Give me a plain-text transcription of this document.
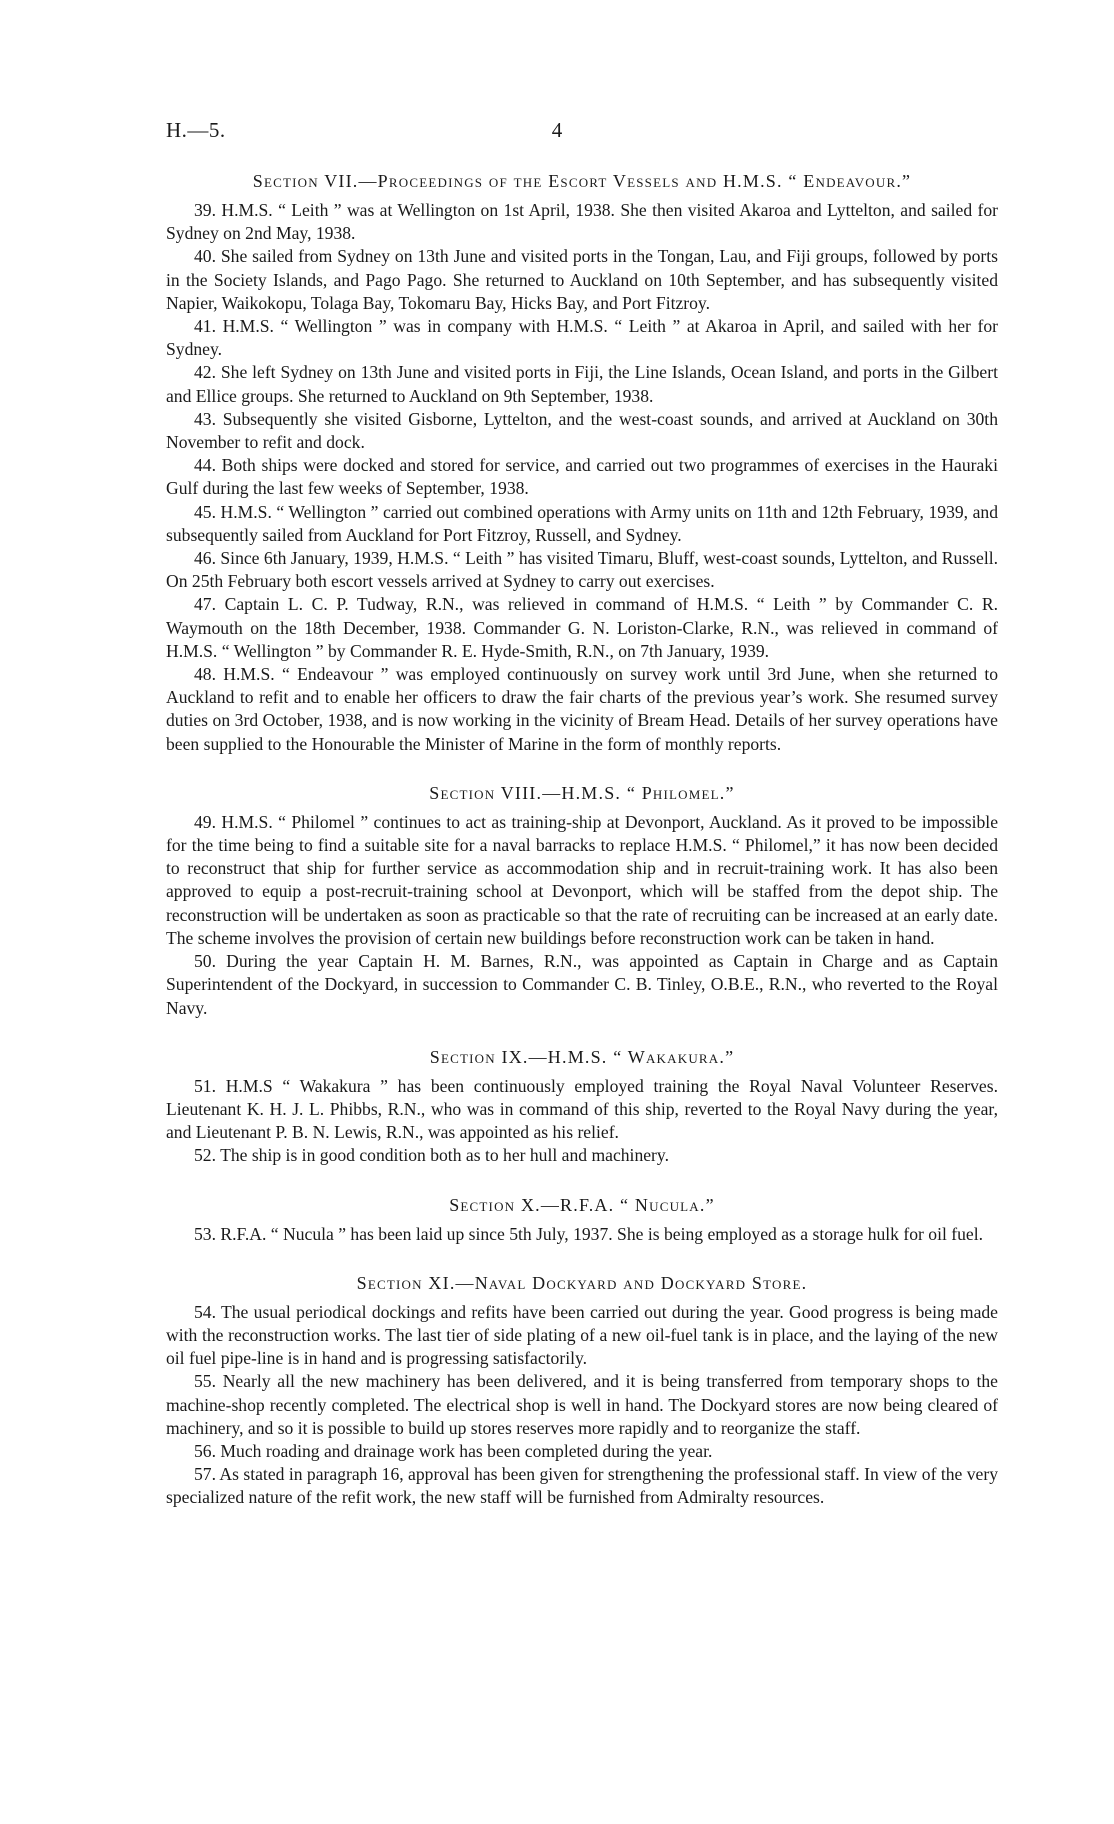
H.—5.	4
Section VII.—Proceedings of the Escort Vessels and H.M.S. “ Endeavour.”

39. H.M.S. “ Leith ” was at Wellington on 1st April, 1938. She then visited Akaroa and Lyttelton, and sailed for Sydney on 2nd May, 1938.

40. She sailed from Sydney on 13th June and visited ports in the Tongan, Lau, and Fiji groups, followed by ports in the Society Islands, and Pago Pago. She returned to Auckland on 10th September, and has subsequently visited Napier, Waikokopu, Tolaga Bay, Tokomaru Bay, Hicks Bay, and Port Fitzroy.

41. H.M.S. “ Wellington ” was in company with H.M.S. “ Leith ” at Akaroa in April, and sailed with her for Sydney.

42. She left Sydney on 13th June and visited ports in Fiji, the Line Islands, Ocean Island, and ports in the Gilbert and Ellice groups. She returned to Auckland on 9th September, 1938.

43. Subsequently she visited Gisborne, Lyttelton, and the west-coast sounds, and arrived at Auckland on 30th November to refit and dock.

44. Both ships were docked and stored for service, and carried out two programmes of exercises in the Hauraki Gulf during the last few weeks of September, 1938.

45. H.M.S. “ Wellington ” carried out combined operations with Army units on 11th and 12th February, 1939, and subsequently sailed from Auckland for Port Fitzroy, Russell, and Sydney.

46. Since 6th January, 1939, H.M.S. “ Leith ” has visited Timaru, Bluff, west-coast sounds, Lyttelton, and Russell. On 25th February both escort vessels arrived at Sydney to carry out exercises.

47. Captain L. C. P. Tudway, R.N., was relieved in command of H.M.S. “ Leith ” by Commander C. R. Waymouth on the 18th December, 1938. Commander G. N. Loriston-Clarke, R.N., was relieved in command of H.M.S. “ Wellington ” by Commander R. E. Hyde-Smith, R.N., on 7th January, 1939.

48. H.M.S. “ Endeavour ” was employed continuously on survey work until 3rd June, when she returned to Auckland to refit and to enable her officers to draw the fair charts of the previous year’s work. She resumed survey duties on 3rd October, 1938, and is now working in the vicinity of Bream Head. Details of her survey operations have been supplied to the Honourable the Minister of Marine in the form of monthly reports.

Section VIII.—H.M.S. “ Philomel.”

49. H.M.S. “ Philomel ” continues to act as training-ship at Devonport, Auckland. As it proved to be impossible for the time being to find a suitable site for a naval barracks to replace H.M.S. “ Philomel,” it has now been decided to reconstruct that ship for further service as accommodation ship and in recruit-training work. It has also been approved to equip a post-recruit-training school at Devonport, which will be staffed from the depot ship. The reconstruction will be undertaken as soon as practicable so that the rate of recruiting can be increased at an early date. The scheme involves the provision of certain new buildings before reconstruction work can be taken in hand.

50. During the year Captain H. M. Barnes, R.N., was appointed as Captain in Charge and as Captain Superintendent of the Dockyard, in succession to Commander C. B. Tinley, O.B.E., R.N., who reverted to the Royal Navy.

Section IX.—H.M.S. “ Wakakura.”

51. H.M.S “ Wakakura ” has been continuously employed training the Royal Naval Volunteer Reserves. Lieutenant K. H. J. L. Phibbs, R.N., who was in command of this ship, reverted to the Royal Navy during the year, and Lieutenant P. B. N. Lewis, R.N., was appointed as his relief.

52. The ship is in good condition both as to her hull and machinery.

Section X.—R.F.A. “ Nucula.”

53. R.F.A. “ Nucula ” has been laid up since 5th July, 1937. She is being employed as a storage hulk for oil fuel.

Section XI.—Naval Dockyard and Dockyard Store.

54. The usual periodical dockings and refits have been carried out during the year. Good progress is being made with the reconstruction works. The last tier of side plating of a new oil-fuel tank is in place, and the laying of the new oil fuel pipe-line is in hand and is progressing satisfactorily.

55. Nearly all the new machinery has been delivered, and it is being transferred from temporary shops to the machine-shop recently completed. The electrical shop is well in hand. The Dockyard stores are now being cleared of machinery, and so it is possible to build up stores reserves more rapidly and to reorganize the staff.

56. Much roading and drainage work has been completed during the year.

57. As stated in paragraph 16, approval has been given for strengthening the professional staff. In view of the very specialized nature of the refit work, the new staff will be furnished from Admiralty resources.
